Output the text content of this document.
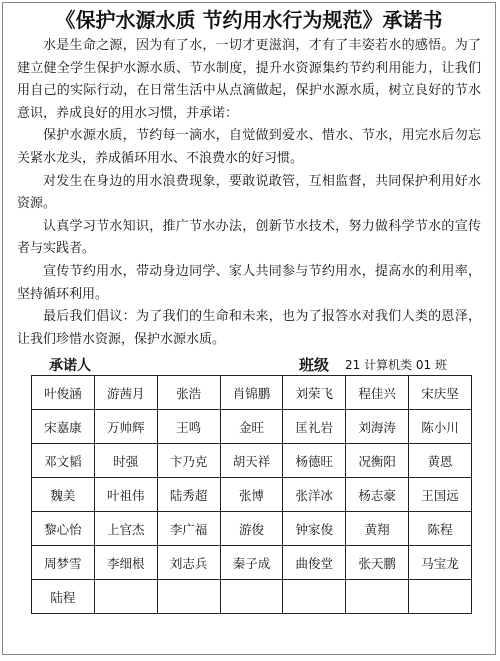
《保护水源水质 节约用水行为规范》承诺书

水是生命之源，因为有了水，一切才更滋润，才有了丰姿若水的感悟。为了建立健全学生保护水源水质、节水制度，提升水资源集约节约利用能力，让我们用自己的实际行动，在日常生活中从点滴做起，保护水源水质，树立良好的节水意识，养成良好的用水习惯，并承诺：

保护水源水质，节约每一滴水，自觉做到爱水、惜水、节水，用完水后勿忘关紧水龙头，养成循环用水、不浪费水的好习惯。

对发生在身边的用水浪费现象，要敢说敢管，互相监督，共同保护利用好水资源。

认真学习节水知识，推广节水办法，创新节水技术，努力做科学节水的宣传者与实践者。

宣传节约用水，带动身边同学、家人共同参与节约用水，提高水的利用率，坚持循环利用。

最后我们倡议：为了我们的生命和未来，也为了报答水对我们人类的恩泽，让我们珍惜水资源，保护水源水质。

承诺人	班级 21 计算机类 01 班
叶俊涵	游茜月	张浩	肖锦鹏	刘荣飞	程佳兴	宋庆坚
宋嘉康	万帅辉	王鸣	金旺	匡礼岩	刘海涛	陈小川
邓文韬	时强	卞乃克	胡天祥	杨德旺	况衡阳	黄恩
魏美	叶祖伟	陆秀超	张博	张洋冰	杨志豪	王国远
黎心怡	上官杰	李广福	游俊	钟家俊	黄翔	陈程
周梦雪	李细根	刘志兵	秦子成	曲俊堂	张天鹏	马宝龙
陆程						
